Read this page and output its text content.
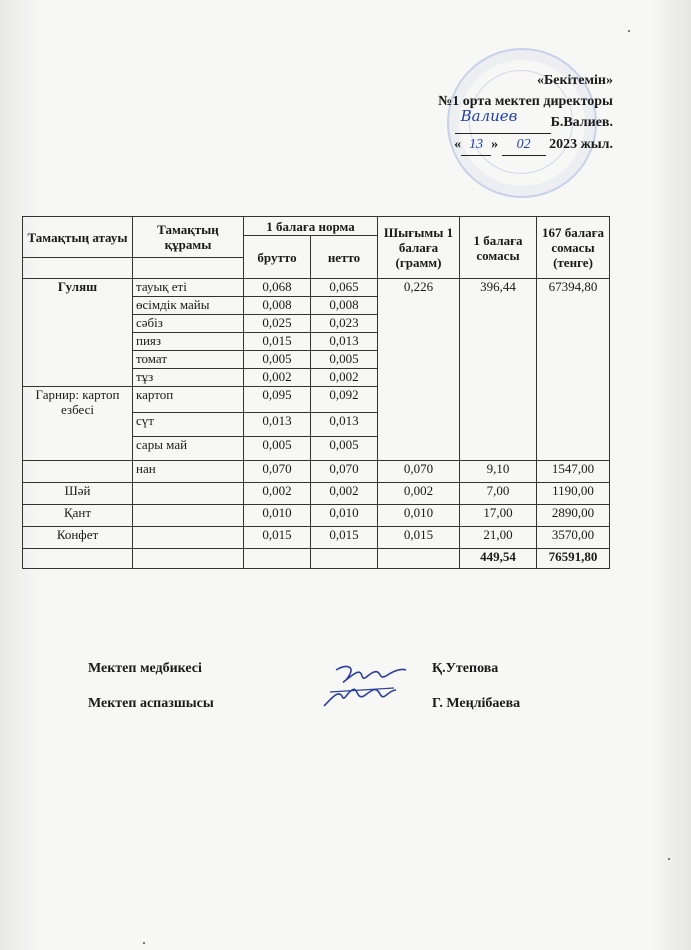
«Бекітемін»
№1 орта мектеп директоры
Валиев Б.Валиев.
« 13 » 02 2023 жыл.
Тамақтың атауы	Тамақтың құрамы	1 балаға норма		Шығымы 1 балаға (грамм)	1 балаға сомасы	167 балаға сомасы (тенге)
		брутто	нетто			

Гуляш	тауық еті	0,068	0,065	0,226	396,44	67394,80
	өсімдік майы	0,008	0,008			
	сәбіз	0,025	0,023			
	пияз	0,015	0,013			
	томат	0,005	0,005			
	тұз	0,002	0,002			
Гарнир: картоп езбесі	картоп	0,095	0,092			
	сүт	0,013	0,013			
	сары май	0,005	0,005			
	нан	0,070	0,070	0,070	9,10	1547,00
Шәй		0,002	0,002	0,002	7,00	1190,00
Қант		0,010	0,010	0,010	17,00	2890,00
Конфет		0,015	0,015	0,015	21,00	3570,00
					449,54	76591,80
Мектеп медбикесі	Қ.Утепова
Мектеп аспазшысы	Г. Меңлібаева
